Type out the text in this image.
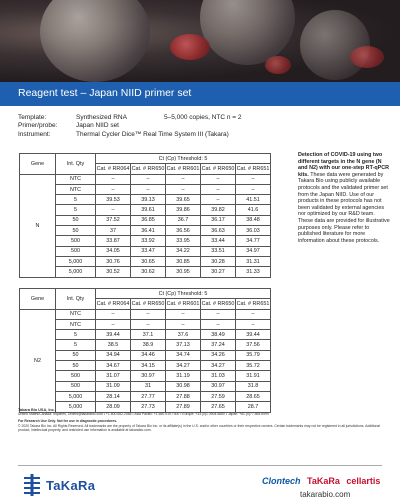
Reagent test – Japan NIID primer set
Template:	Synthesized RNA	5–5,000 copies, NTC n = 2
Primer/probe:	Japan NIID set
Instrument:	Thermal Cycler Dice™ Real Time System III (Takara)
Detection of COVID-19 using two different targets in the N gene (N and N2) with our one-step RT-qPCR kits. These data were generated by Takara Bio using publicly available protocols and the validated primer set from the Japan NIID. Use of our products in these protocols has not been validated by external agencies nor optimized by our R&D team. These data are provided for illustrative purposes only. Please refer to published literature for more information about these protocols.
Gene	Int. Qty	Ct (Cp) Threshold: 5				
		Cat. # RR064	Cat. # RR650	Cat. # RR601	Cat. # RR650	Cat. # RR651
N	NTC	–	–	–	–	–
	NTC	–	–	–	–	–
	5	39.53	39.13	39.65	–	41.51
	5	–	39.61	39.86	39.82	41.6
	50	37.52	36.85	36.7	36.17	38.48
	50	37	36.41	36.56	36.63	36.03
	500	33.87	33.92	33.95	33.44	34.77
	500	34.05	33.47	34.22	33.51	34.97
	5,000	30.76	30.65	30.85	30.28	31.31
	5,000	30.52	30.62	30.95	30.27	31.33
Gene	Int. Qty	Ct (Cp) Threshold: 5				
		Cat. # RR064	Cat. # RR650	Cat. # RR601	Cat. # RR650	Cat. # RR651
N2	NTC	–	–	–	–	–
	NTC	–	–	–	–	–
	5	39.44	37.1	37.6	38.49	39.44
	5	38.5	38.9	37.13	37.24	37.56
	50	34.94	34.46	34.74	34.26	35.79
	50	34.67	34.15	34.27	34.27	35.72
	500	31.07	30.97	31.19	31.03	31.91
	500	31.09	31	30.98	30.97	31.8
	5,000	28.14	27.77	27.88	27.59	28.65
	5,000	28.09	27.73	27.89	27.65	28.7
Takara Bio USA, Inc.
United States/Canada: Inquiries, Orders@takarabio.com • +1.800.662.2566 • Asia Pacific: +1.650.919.7300 • Europe: +33.(0)1.3904.6880 • Japan: +81.(0)77.565.6999
For Research Use Only. Not for use in diagnostic procedures.
© 2020 Takara Bio Inc. All Rights Reserved. All trademarks are the property of Takara Bio Inc. or its affiliate(s) in the U.S. and/or other countries or their respective owners. Certain trademarks may not be registered in all jurisdictions. Additional product, intellectual property, and restricted use information is available at takarabio.com.
TaKaRa	Clontech TaKaRa cellartis
takarabio.com
